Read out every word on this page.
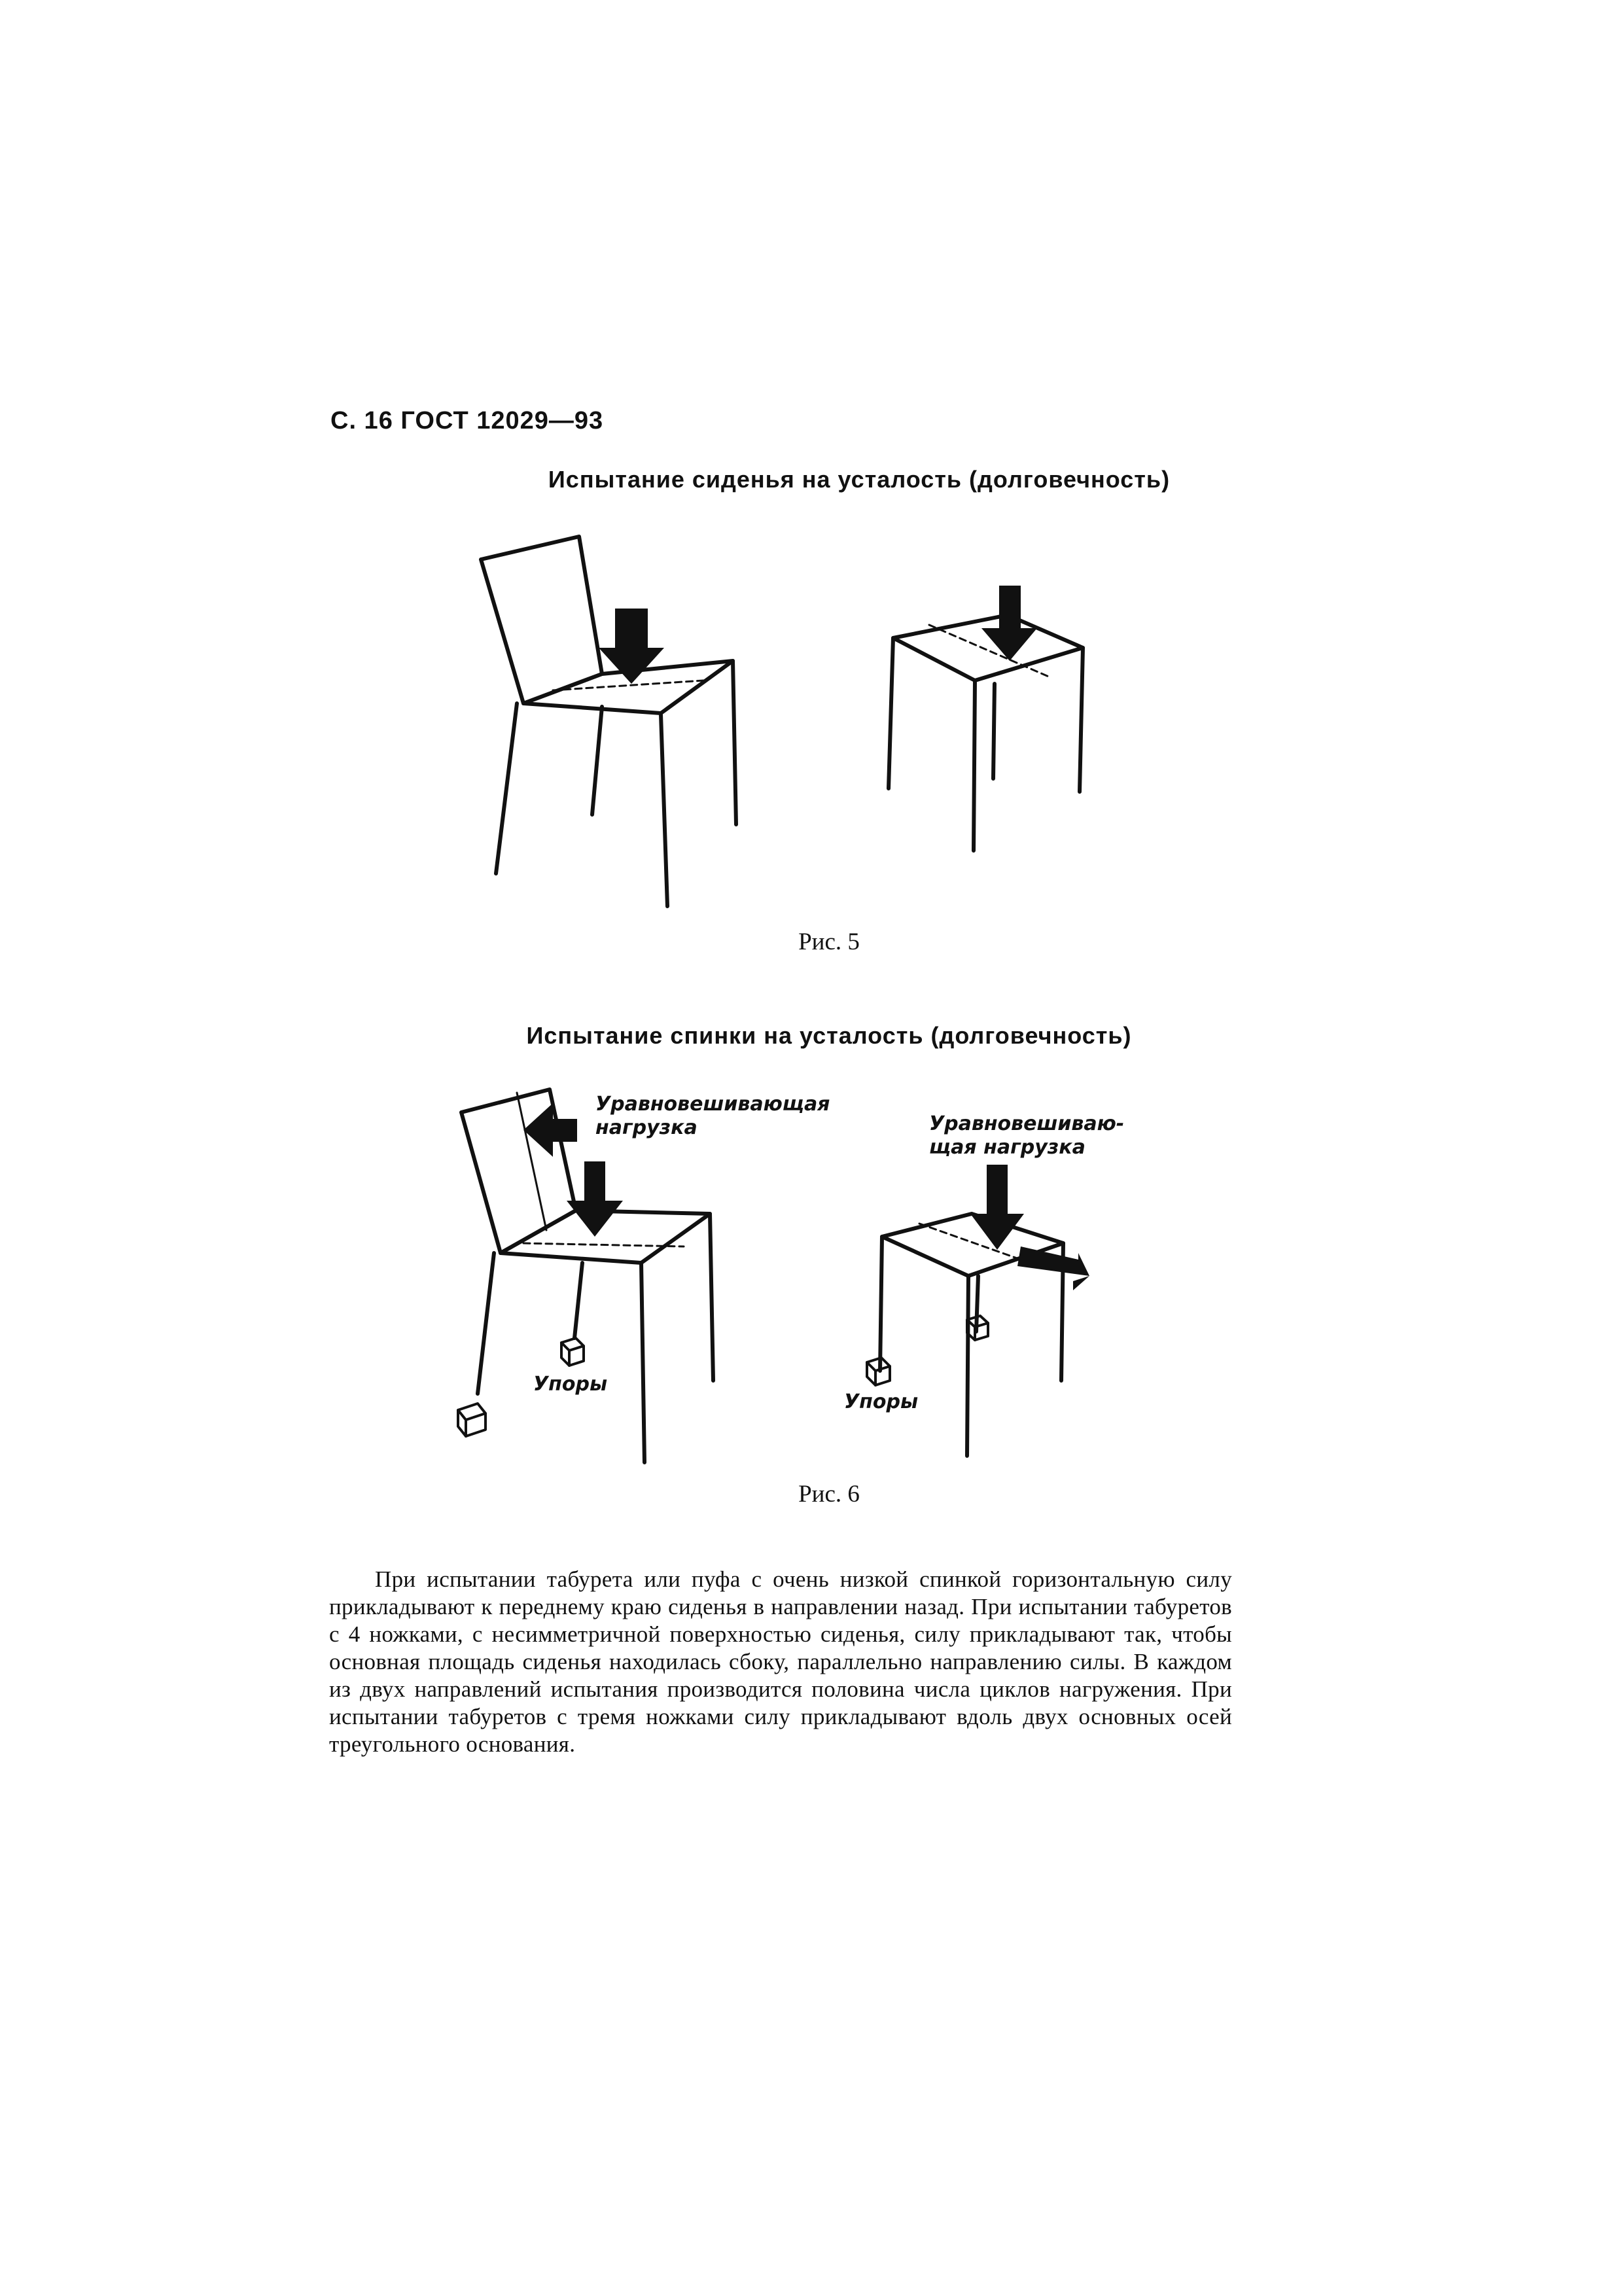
С. 16 ГОСТ 12029—93
Испытание сиденья на усталость (долговечность)
Уравновешивающая
нагрузка	Уравновешиваю-
щая нагрузка
Упоры
Упоры
Рис. 5
Испытание спинки на усталость (долговечность)
Рис. 6

При испытании табурета или пуфа с очень низкой спинкой горизонтальную силу прикладывают к переднему краю сиденья в направлении назад. При испытании табуретов с 4 ножками, с несимметричной поверхностью сиденья, силу прикладывают так, чтобы основная площадь сиденья находилась сбоку, параллельно направлению силы. В каждом из двух направлений испытания производится половина числа циклов нагружения. При испытании табуретов с тремя ножками силу прикладывают вдоль двух основных осей треугольного основания.
